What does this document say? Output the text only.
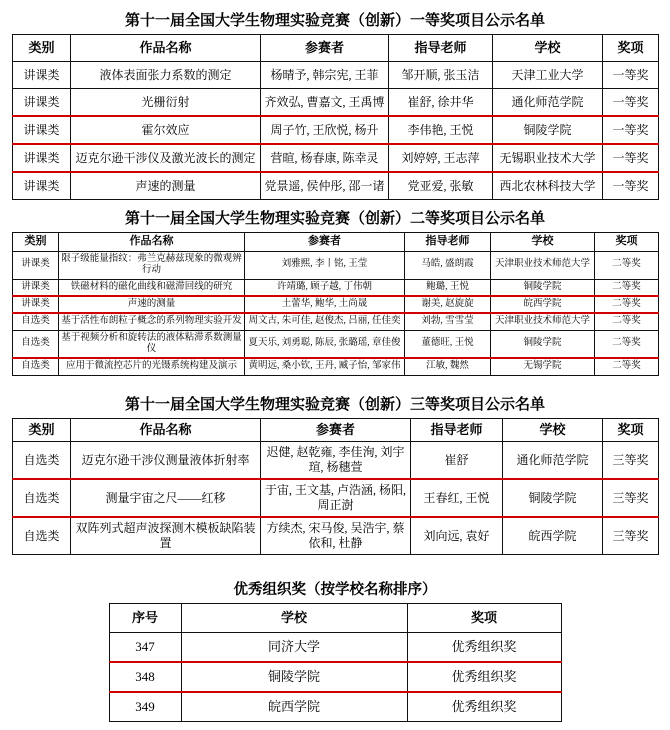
第十一届全国大学生物理实验竞赛（创新）一等奖项目公示名单
类别	作品名称	参赛者	指导老师	学校	奖项
讲课类	液体表面张力系数的测定	杨晴予, 韩宗宪, 王菲	邹开顺, 张玉洁	天津工业大学	一等奖
讲课类	光栅衍射	齐效弘, 曹嘉文, 王禹博	崔舒, 徐井华	通化师范学院	一等奖
讲课类	霍尔效应	周子竹, 王欣悦, 杨升	李伟艳, 王悦	铜陵学院	一等奖
讲课类	迈克尔逊干涉仪及激光波长的测定	营暄, 杨春康, 陈幸灵	刘婷婷, 王志萍	无锡职业技术大学	一等奖
讲课类	声速的测量	党景遥, 侯仲彤, 邵一诸	党亚爱, 张敏	西北农林科技大学	一等奖
第十一届全国大学生物理实验竞赛（创新）二等奖项目公示名单
类别	作品名称	参赛者	指导老师	学校	奖项
讲课类	限子级能量指纹：弗兰克赫兹现象的微观辨行动	刘雅熙, 李丨铭, 王莹	马皓, 盛朗霞	天津职业技术师范大学	二等奖
讲课类	铁磁材料的磁化曲线和磁滞回线的研究	许靖璐, 顾子越, 丁伟朝	鲍璐, 王悦	铜陵学院	二等奖
讲课类	声速的测量	土蕾华, 鲍华, 土尚晟	谢美, 赵旋旋	皖西学院	二等奖
自选类	基于活性布朗粒子概念的系列物理实验开发	周文古, 朱可佳, 赵俊杰, 吕丽, 任佳奕	刘勃, 雪雪莹	天津职业技术师范大学	二等奖
自选类	基于视频分析和旋转法的液体粘滞系数测量仪	夏天乐, 刘勇聪, 陈辰, 张璐瑶, 章佳俊	董德旺, 王悦	铜陵学院	二等奖
自选类	应用于微流控芯片的光镊系统构建及演示	黄明远, 桑小钦, 王丹, 臧子怡, 邹家伟	江敏, 魏然	无锡学院	二等奖
第十一届全国大学生物理实验竞赛（创新）三等奖项目公示名单
类别	作品名称	参赛者	指导老师	学校	奖项
自选类	迈克尔逊干涉仪测量液体折射率	迟健, 赵乾雍, 李佳洵, 刘宇瑄, 杨穗萱	崔舒	通化师范学院	三等奖
自选类	测量宇宙之尺——红移	于宙, 王文基, 卢浩涵, 杨阳, 周正澍	王春红, 王悦	铜陵学院	三等奖
自选类	双阵列式超声波探测木模板缺陷装置	方续杰, 宋马俊, 吴浩宇, 蔡依和, 杜静	刘向远, 袁好	皖西学院	三等奖
优秀组织奖（按学校名称排序）
序号	学校	奖项
347	同济大学	优秀组织奖
348	铜陵学院	优秀组织奖
349	皖西学院	优秀组织奖
